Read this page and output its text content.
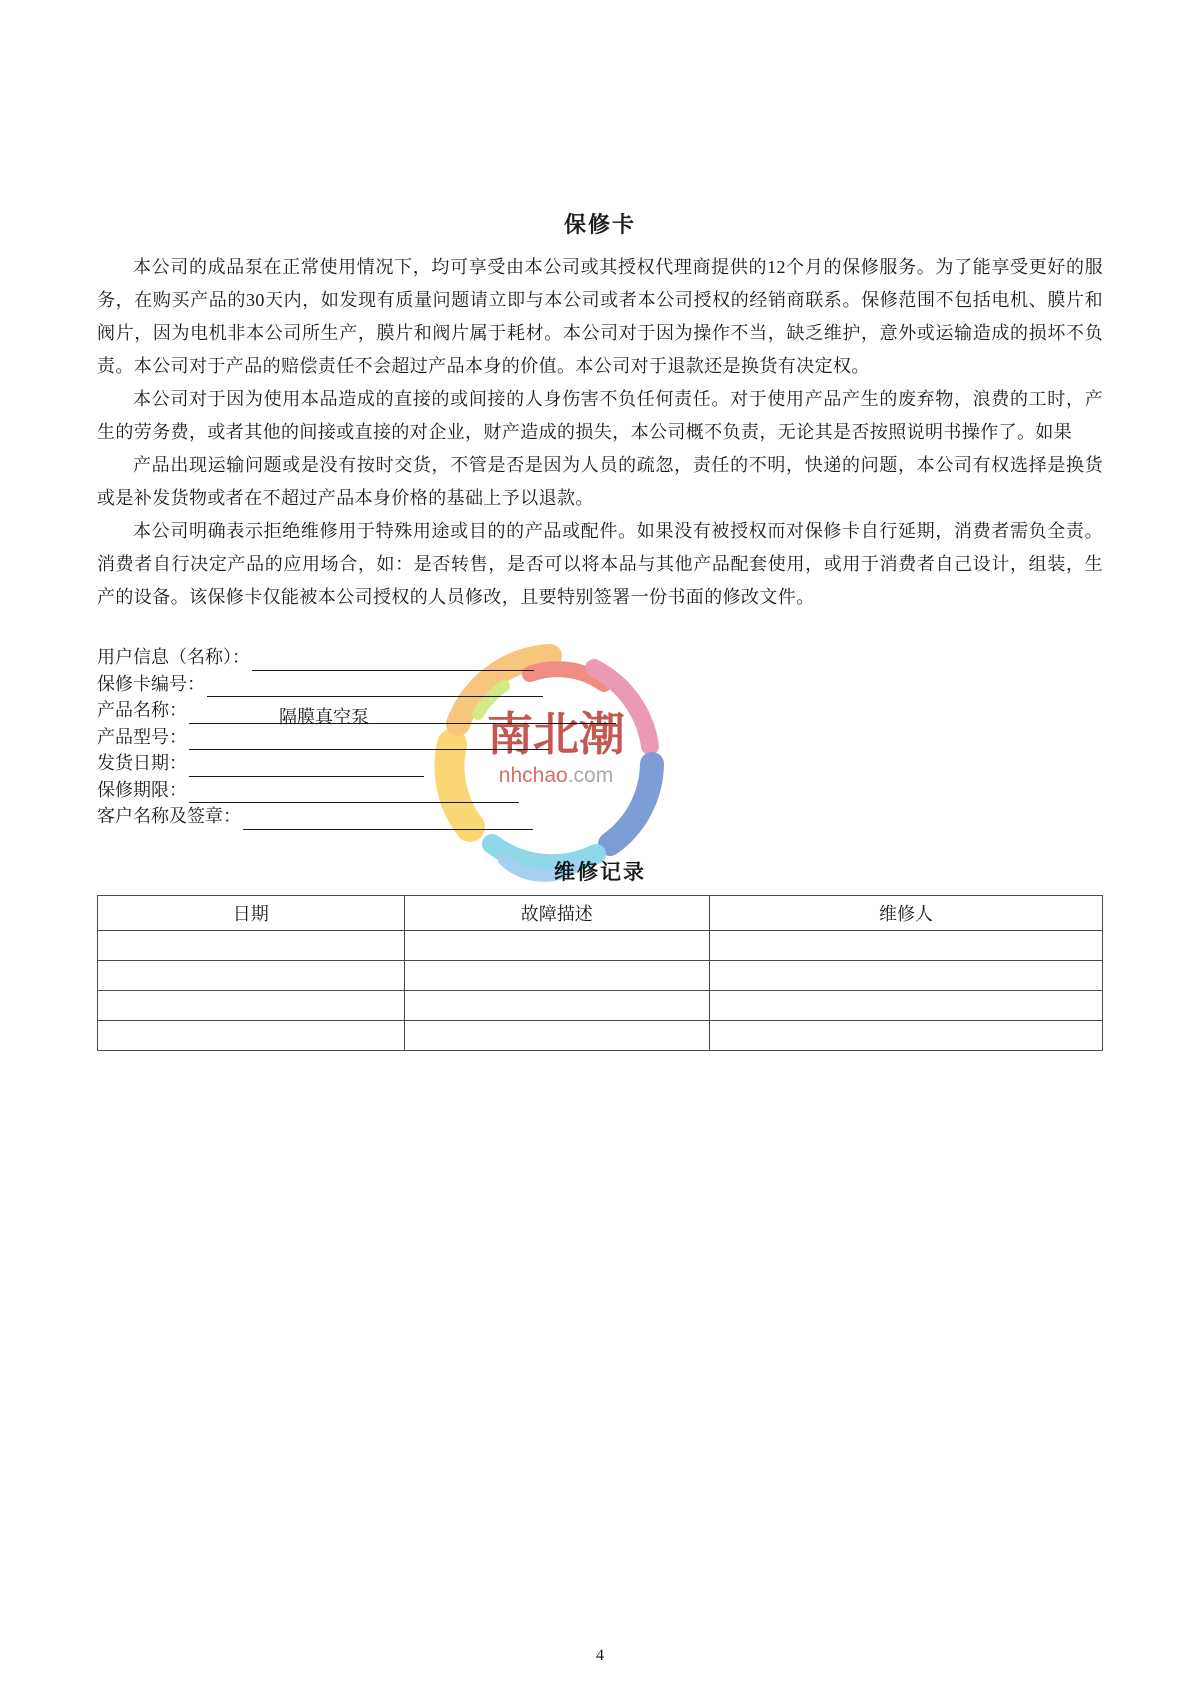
保修卡

本公司的成品泵在正常使用情况下，均可享受由本公司或其授权代理商提供的12个月的保修服务。为了能享受更好的服务，在购买产品的30天内，如发现有质量问题请立即与本公司或者本公司授权的经销商联系。保修范围不包括电机、膜片和阀片，因为电机非本公司所生产，膜片和阀片属于耗材。本公司对于因为操作不当，缺乏维护，意外或运输造成的损坏不负责。本公司对于产品的赔偿责任不会超过产品本身的价值。本公司对于退款还是换货有决定权。

本公司对于因为使用本品造成的直接的或间接的人身伤害不负任何责任。对于使用产品产生的废弃物，浪费的工时，产生的劳务费，或者其他的间接或直接的对企业，财产造成的损失，本公司概不负责，无论其是否按照说明书操作了。如果

产品出现运输问题或是没有按时交货，不管是否是因为人员的疏忽，责任的不明，快递的问题，本公司有权选择是换货或是补发货物或者在不超过产品本身价格的基础上予以退款。

本公司明确表示拒绝维修用于特殊用途或目的的产品或配件。如果没有被授权而对保修卡自行延期，消费者需负全责。消费者自行决定产品的应用场合，如：是否转售，是否可以将本品与其他产品配套使用，或用于消费者自己设计，组装，生产的设备。该保修卡仅能被本公司授权的人员修改，且要特别签署一份书面的修改文件。

用户信息（名称）：
保修卡编号：
产品名称：	隔膜真空泵
产品型号：
发货日期：
保修期限：
客户名称及签章：
维修记录
日期	故障描述	维修人

南北潮
nhchao.com
4
